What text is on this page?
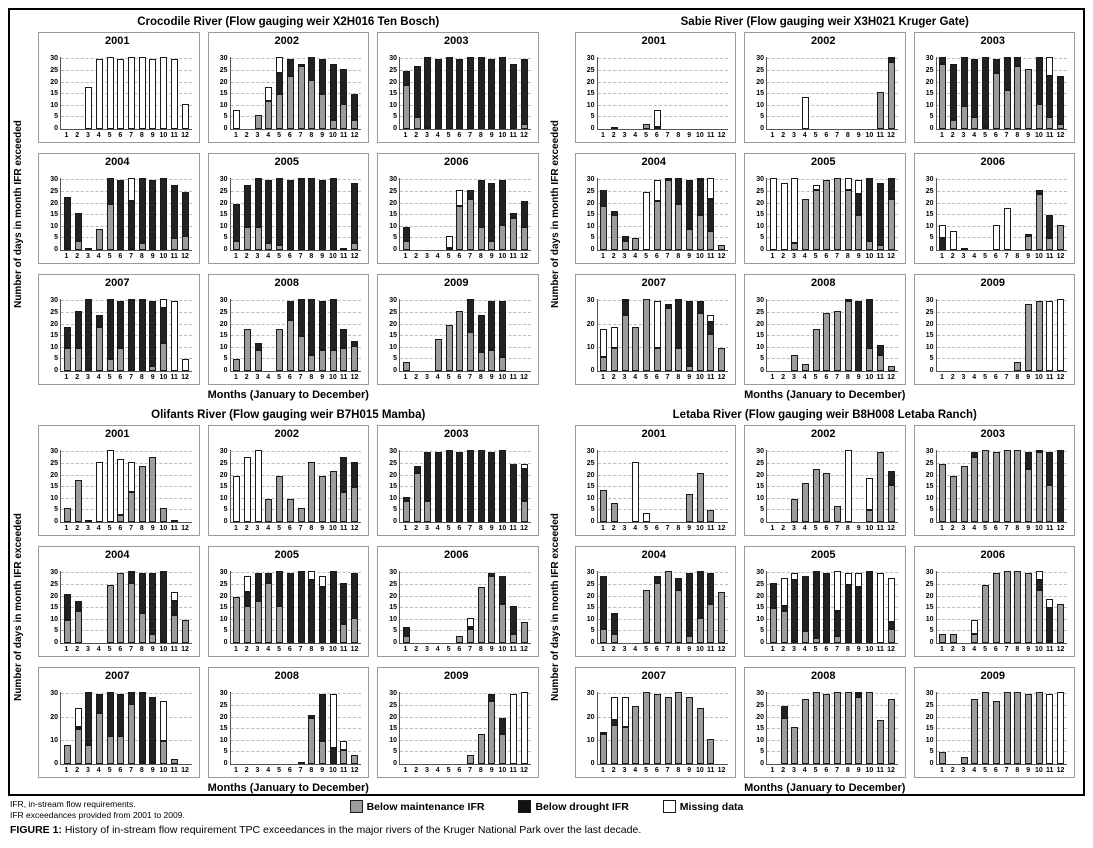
Crocodile River (Flow gauging weir X2H016 Ten Bosch)
Number of days in month IFR exceeded
2001
0
5
10
15
20
25
30
1 2 3 4 5 6 7 8 9 10 11 12
2002
0
5
10
15
20
25
30
1 2 3 4 5 6 7 8 9 10 11 12
2003
0
5
10
15
20
25
30
1 2 3 4 5 6 7 8 9 10 11 12
2004
0
5
10
15
20
25
30
1 2 3 4 5 6 7 8 9 10 11 12
2005
0
5
10
15
20
25
30
1 2 3 4 5 6 7 8 9 10 11 12
2006
0
5
10
15
20
25
30
1 2 3 4 5 6 7 8 9 10 11 12
2007
0
5
10
15
20
25
30
1 2 3 4 5 6 7 8 9 10 11 12
2008
0
5
10
15
20
25
30
1 2 3 4 5 6 7 8 9 10 11 12
2009
0
5
10
15
20
25
30
1 2 3 4 5 6 7 8 9 10 11 12
Months (January to December)
Sabie River (Flow gauging weir X3H021 Kruger Gate)
Number of days in month IFR exceeded
2001
0
5
10
15
20
25
30
1 2 3 4 5 6 7 8 9 10 11 12
2002
0
5
10
15
20
25
30
1 2 3 4 5 6 7 8 9 10 11 12
2003
0
5
10
15
20
25
30
1 2 3 4 5 6 7 8 9 10 11 12
2004
0
5
10
15
20
25
30
1 2 3 4 5 6 7 8 9 10 11 12
2005
0
5
10
15
20
25
30
1 2 3 4 5 6 7 8 9 10 11 12
2006
0
5
10
15
20
25
30
1 2 3 4 5 6 7 8 9 10 11 12
2007
0
10
20
30
1 2 3 4 5 6 7 8 9 10 11 12
2008
0
5
10
15
20
25
30
1 2 3 4 5 6 7 8 9 10 11 12
2009
0
5
10
15
20
25
30
1 2 3 4 5 6 7 8 9 10 11 12
Months (January to December)
Olifants River (Flow gauging weir B7H015 Mamba)
Number of days in month IFR exceeded
2001
0
5
10
15
20
25
30
1 2 3 4 5 6 7 8 9 10 11 12
2002
0
5
10
15
20
25
30
1 2 3 4 5 6 7 8 9 10 11 12
2003
0
5
10
15
20
25
30
1 2 3 4 5 6 7 8 9 10 11 12
2004
0
5
10
15
20
25
30
1 2 3 4 5 6 7 8 9 10 11 12
2005
0
5
10
15
20
25
30
1 2 3 4 5 6 7 8 9 10 11 12
2006
0
5
10
15
20
25
30
1 2 3 4 5 6 7 8 9 10 11 12
2007
0
10
20
30
1 2 3 4 5 6 7 8 9 10 11 12
2008
0
5
10
15
20
25
30
1 2 3 4 5 6 7 8 9 10 11 12
2009
0
5
10
15
20
25
30
1 2 3 4 5 6 7 8 9 10 11 12
Months (January to December)
Letaba River (Flow gauging weir B8H008 Letaba Ranch)
Number of days in month IFR exceeded
2001
0
5
10
15
20
25
30
1 2 3 4 5 6 7 8 9 10 11 12
2002
0
5
10
15
20
25
30
1 2 3 4 5 6 7 8 9 10 11 12
2003
0
5
10
15
20
25
30
1 2 3 4 5 6 7 8 9 10 11 12
2004
0
5
10
15
20
25
30
1 2 3 4 5 6 7 8 9 10 11 12
2005
0
5
10
15
20
25
30
1 2 3 4 5 6 7 8 9 10 11 12
2006
0
5
10
15
20
25
30
1 2 3 4 5 6 7 8 9 10 11 12
2007
0
10
20
30
1 2 3 4 5 6 7 8 9 10 11 12
2008
0
5
10
15
20
25
30
1 2 3 4 5 6 7 8 9 10 11 12
2009
0
5
10
15
20
25
30
1 2 3 4 5 6 7 8 9 10 11 12
Months (January to December)
Below maintenance IFR	Below drought IFR	Missing data
IFR, in-stream flow requirements.
IFR exceedances provided from 2001 to 2009.
FIGURE 1: History of in-stream flow requirement TPC exceedances in the major rivers of the Kruger National Park over the last decade.
